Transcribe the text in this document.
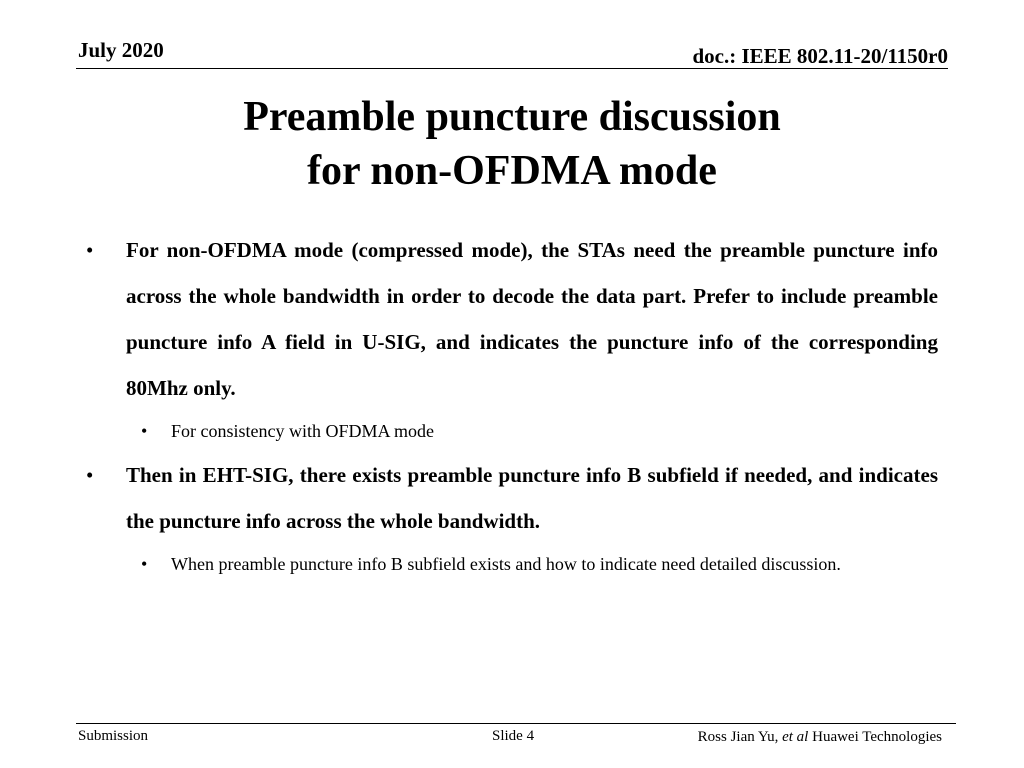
July 2020	doc.: IEEE 802.11-20/1150r0
Preamble puncture discussion
for non-OFDMA mode
• For non-OFDMA mode (compressed mode), the STAs need the preamble puncture info across the whole bandwidth in order to decode the data part. Prefer to include preamble puncture info A field in U-SIG, and indicates the puncture info of the corresponding 80Mhz only.
• For consistency with OFDMA mode
• Then in EHT-SIG, there exists preamble puncture info B subfield if needed, and indicates the puncture info across the whole bandwidth.
• When preamble puncture info B subfield exists and how to indicate need detailed discussion.
Submission	Slide 4	Ross Jian Yu, et al Huawei Technologies
